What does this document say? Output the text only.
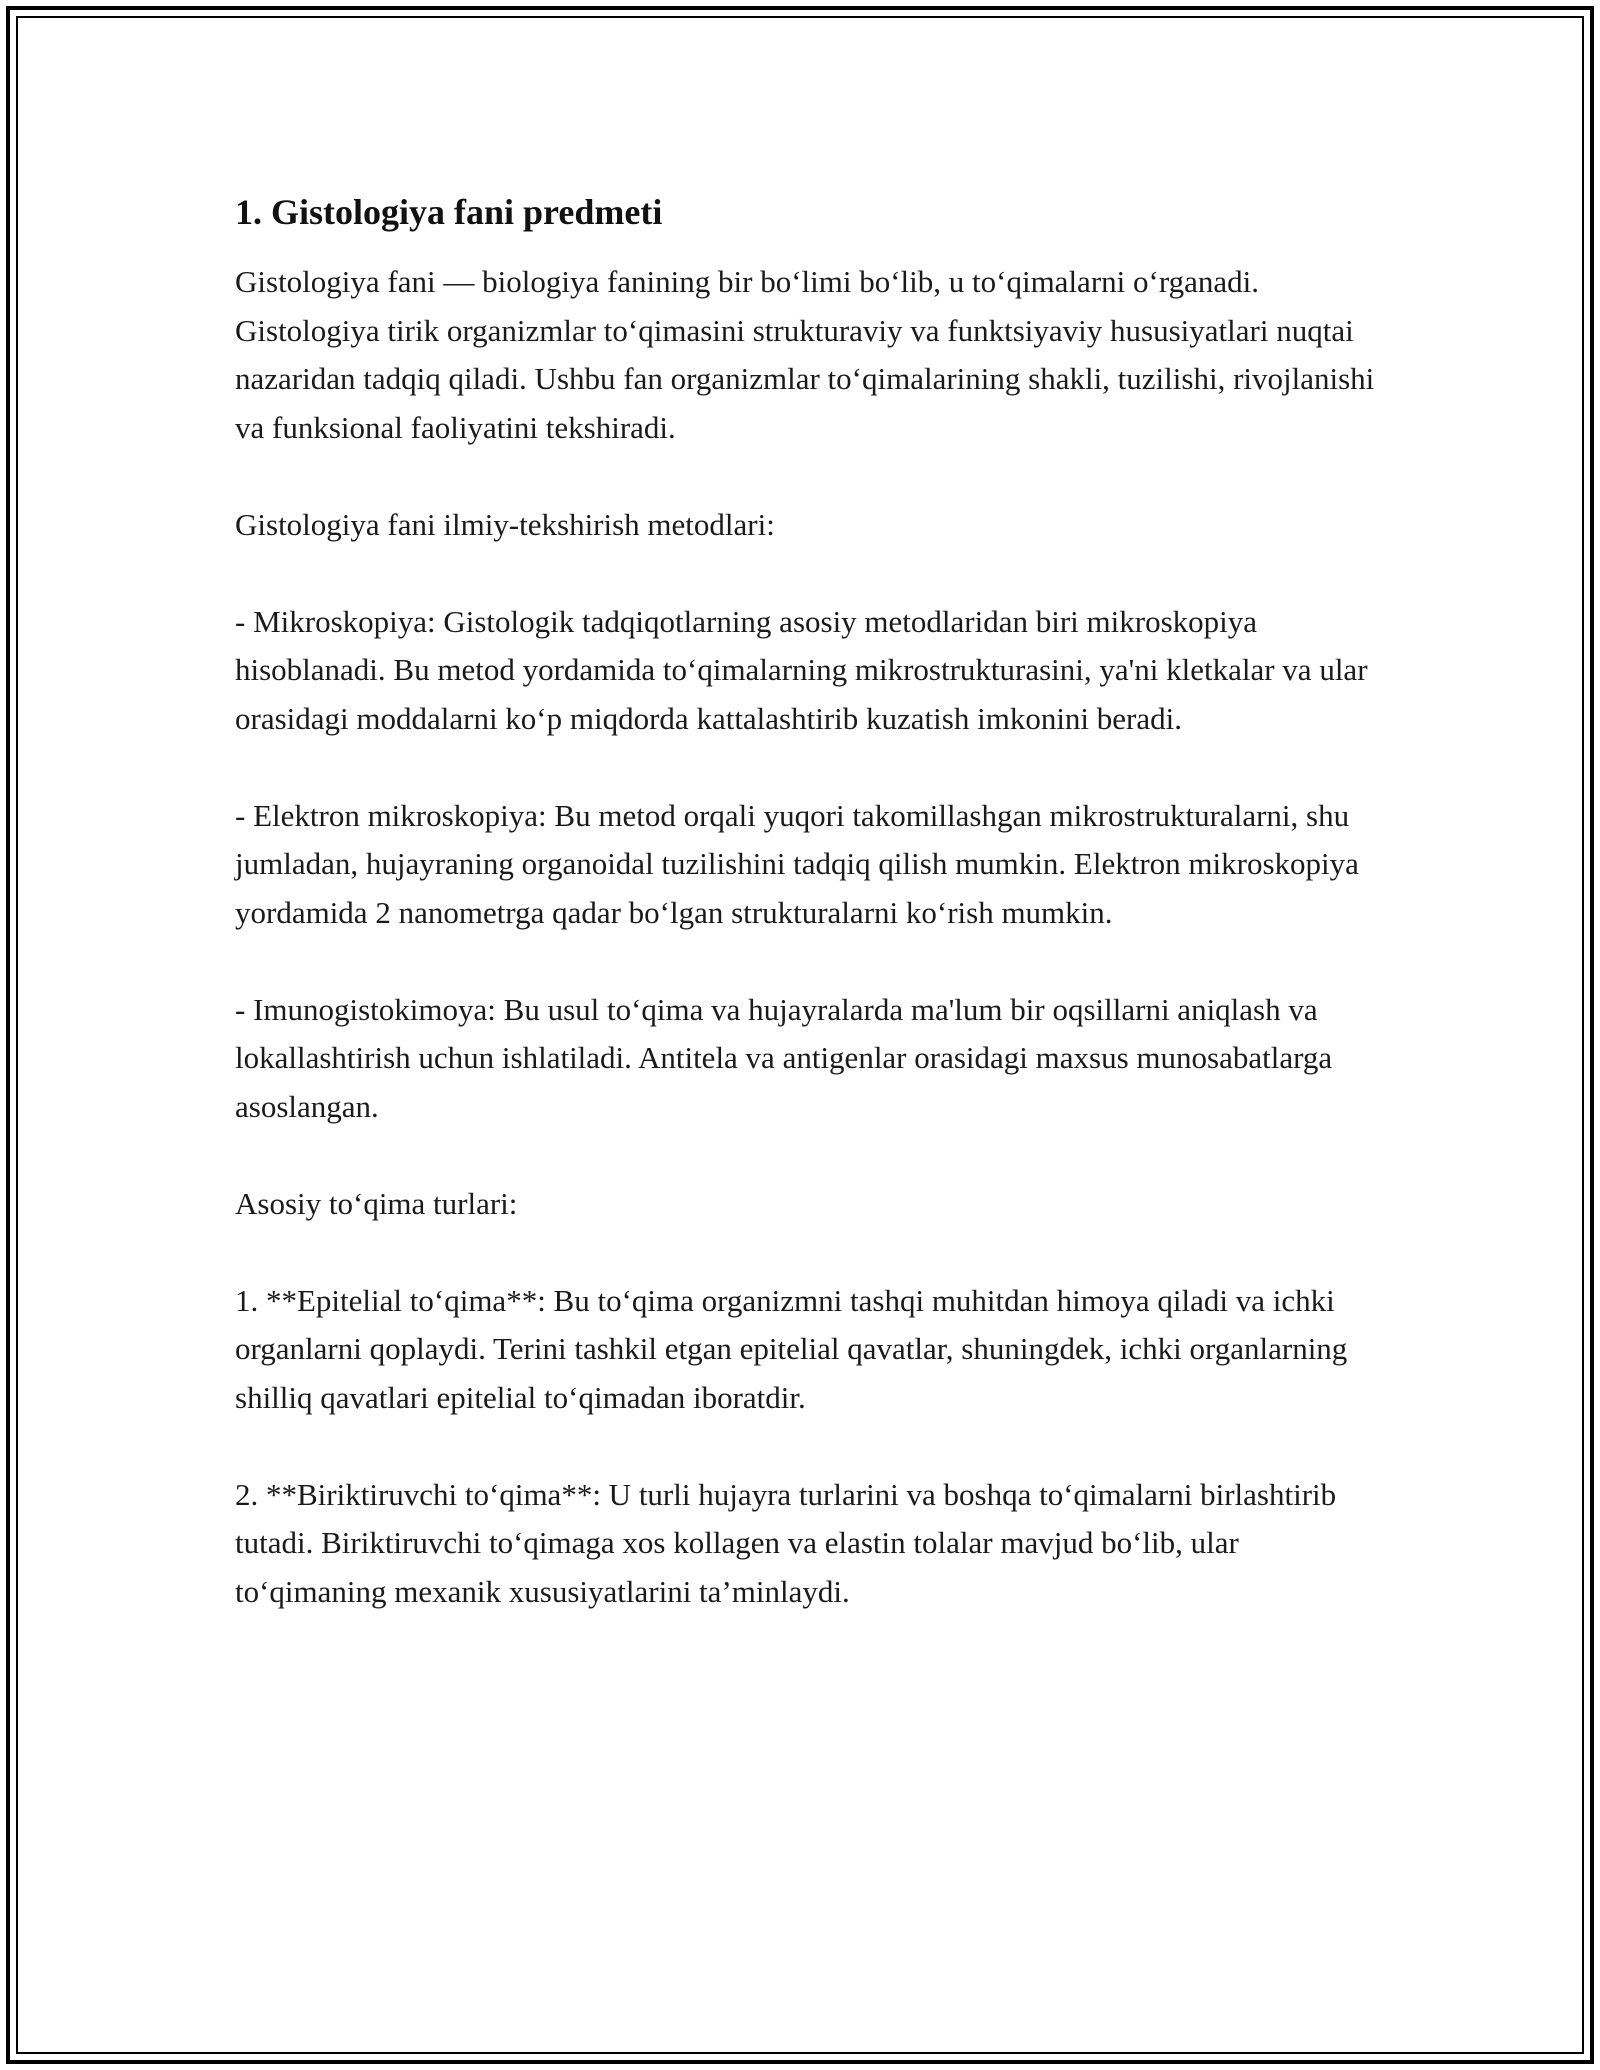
1. Gistologiya fani predmeti

Gistologiya fani — biologiya fanining bir bo‘limi bo‘lib, u to‘qimalarni o‘rganadi. Gistologiya tirik organizmlar to‘qimasini strukturaviy va funktsiyaviy hususiyatlari nuqtai nazaridan tadqiq qiladi. Ushbu fan organizmlar to‘qimalarining shakli, tuzilishi, rivojlanishi va funksional faoliyatini tekshiradi.

Gistologiya fani ilmiy-tekshirish metodlari:

- Mikroskopiya: Gistologik tadqiqotlarning asosiy metodlaridan biri mikroskopiya hisoblanadi. Bu metod yordamida to‘qimalarning mikrostrukturasini, ya'ni kletkalar va ular orasidagi moddalarni ko‘p miqdorda kattalashtirib kuzatish imkonini beradi.

- Elektron mikroskopiya: Bu metod orqali yuqori takomillashgan mikrostrukturalarni, shu jumladan, hujayraning organoidal tuzilishini tadqiq qilish mumkin. Elektron mikroskopiya yordamida 2 nanometrga qadar bo‘lgan strukturalarni ko‘rish mumkin.

- Imunogistokimoya: Bu usul to‘qima va hujayralarda ma'lum bir oqsillarni aniqlash va lokallashtirish uchun ishlatiladi. Antitela va antigenlar orasidagi maxsus munosabatlarga asoslangan.

Asosiy to‘qima turlari:

1. **Epitelial to‘qima**: Bu to‘qima organizmni tashqi muhitdan himoya qiladi va ichki organlarni qoplaydi. Terini tashkil etgan epitelial qavatlar, shuningdek, ichki organlarning shilliq qavatlari epitelial to‘qimadan iboratdir.

2. **Biriktiruvchi to‘qima**: U turli hujayra turlarini va boshqa to‘qimalarni birlashtirib tutadi. Biriktiruvchi to‘qimaga xos kollagen va elastin tolalar mavjud bo‘lib, ular to‘qimaning mexanik xususiyatlarini ta’minlaydi.
